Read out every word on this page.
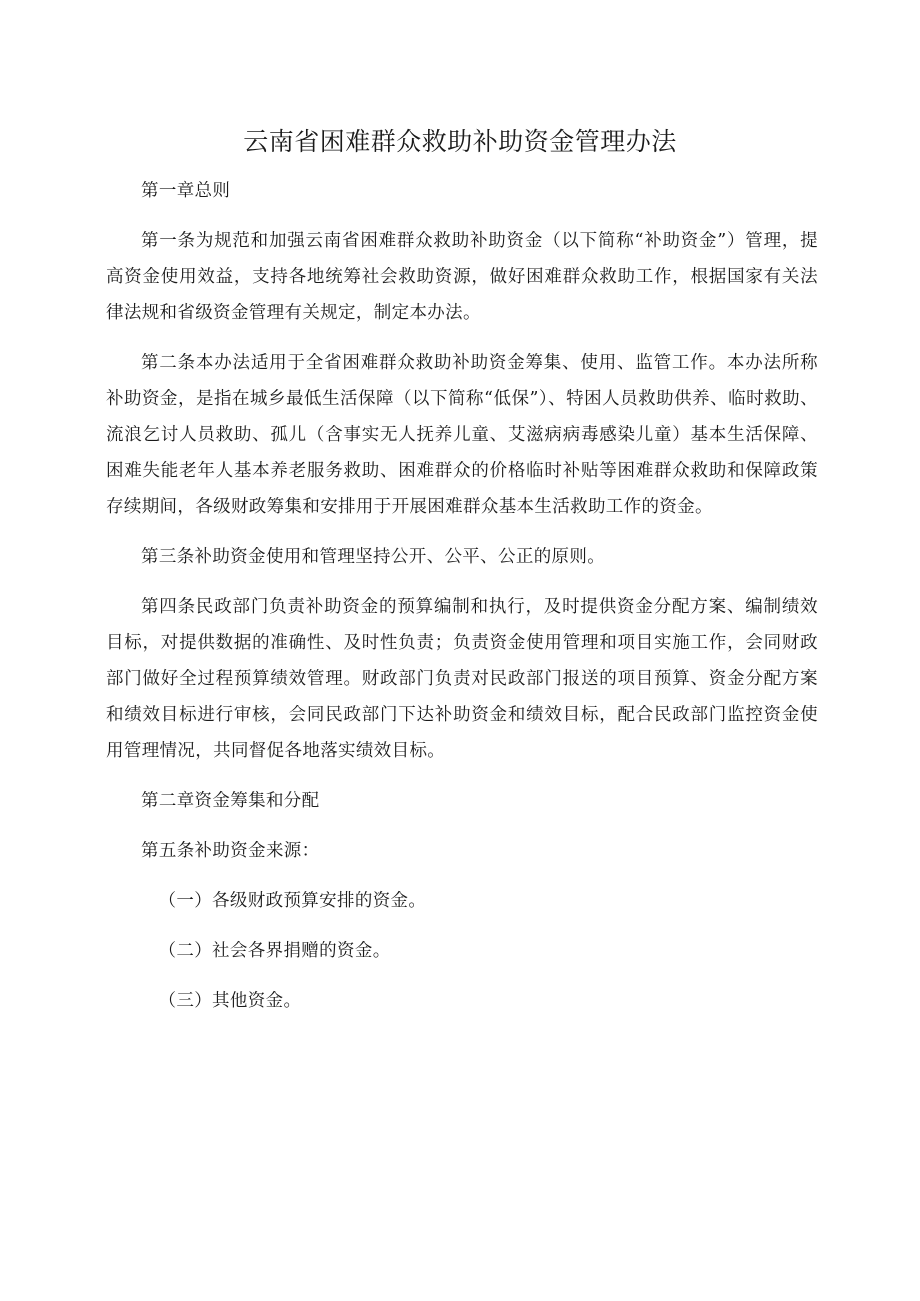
云南省困难群众救助补助资金管理办法

第一章总则

第一条为规范和加强云南省困难群众救助补助资金（以下简称“补助资金”）管理，提高资金使用效益，支持各地统筹社会救助资源，做好困难群众救助工作，根据国家有关法律法规和省级资金管理有关规定，制定本办法。

第二条本办法适用于全省困难群众救助补助资金筹集、使用、监管工作。本办法所称补助资金，是指在城乡最低生活保障（以下简称“低保”）、特困人员救助供养、临时救助、流浪乞讨人员救助、孤儿（含事实无人抚养儿童、艾滋病病毒感染儿童）基本生活保障、困难失能老年人基本养老服务救助、困难群众的价格临时补贴等困难群众救助和保障政策存续期间，各级财政筹集和安排用于开展困难群众基本生活救助工作的资金。

第三条补助资金使用和管理坚持公开、公平、公正的原则。

第四条民政部门负责补助资金的预算编制和执行，及时提供资金分配方案、编制绩效目标，对提供数据的准确性、及时性负责；负责资金使用管理和项目实施工作，会同财政部门做好全过程预算绩效管理。财政部门负责对民政部门报送的项目预算、资金分配方案和绩效目标进行审核，会同民政部门下达补助资金和绩效目标，配合民政部门监控资金使用管理情况，共同督促各地落实绩效目标。

第二章资金筹集和分配

第五条补助资金来源：

（一）各级财政预算安排的资金。

（二）社会各界捐赠的资金。

（三）其他资金。
